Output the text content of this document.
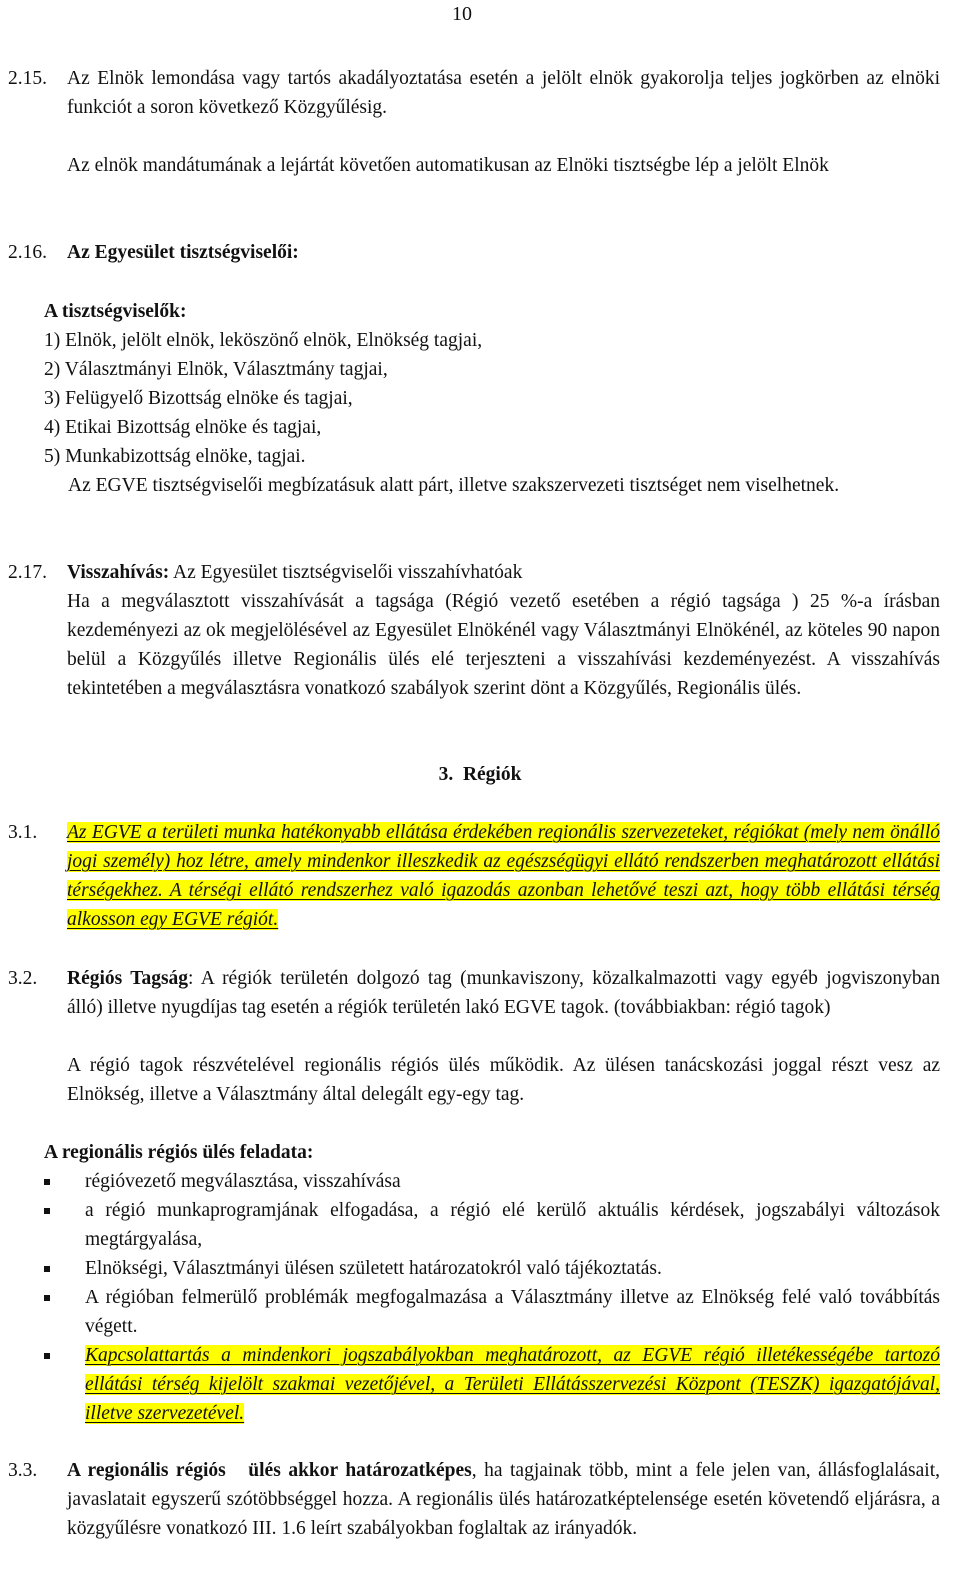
10
2.15. Az Elnök lemondása vagy tartós akadályoztatása esetén a jelölt elnök gyakorolja teljes jogkörben az elnöki funkciót a soron következő Közgyűlésig.
Az elnök mandátumának a lejártát követően automatikusan az Elnöki tisztségbe lép a jelölt Elnök
2.16. Az Egyesület tisztségviselői:
A tisztségviselők:
1) Elnök, jelölt elnök, leköszönő elnök, Elnökség tagjai,
2) Választmányi Elnök, Választmány tagjai,
3) Felügyelő Bizottság elnöke és tagjai,
4) Etikai Bizottság elnöke és tagjai,
5) Munkabizottság elnöke, tagjai.
Az EGVE tisztségviselői megbízatásuk alatt párt, illetve szakszervezeti tisztséget nem viselhetnek.
2.17. Visszahívás: Az Egyesület tisztségviselői visszahívhatóak
Ha a megválasztott visszahívását a tagsága (Régió vezető esetében a régió tagsága ) 25 %-a írásban kezdeményezi az ok megjelölésével az Egyesület Elnökénél vagy Választmányi Elnökénél, az köteles 90 napon belül a Közgyűlés illetve Regionális ülés elé terjeszteni a visszahívási kezdeményezést. A visszahívás tekintetében a megválasztásra vonatkozó szabályok szerint dönt a Közgyűlés, Regionális ülés.
3. Régiók
3.1. Az EGVE a területi munka hatékonyabb ellátása érdekében regionális szervezeteket, régiókat (mely nem önálló jogi személy) hoz létre, amely mindenkor illeszkedik az egészségügyi ellátó rendszerben meghatározott ellátási térségekhez. A térségi ellátó rendszerhez való igazodás azonban lehetővé teszi azt, hogy több ellátási térség alkosson egy EGVE régiót.
3.2. Régiós Tagság: A régiók területén dolgozó tag (munkaviszony, közalkalmazotti vagy egyéb jogviszonyban álló) illetve nyugdíjas tag esetén a régiók területén lakó EGVE tagok. (továbbiakban: régió tagok)
A régió tagok részvételével regionális régiós ülés működik. Az ülésen tanácskozási joggal részt vesz az Elnökség, illetve a Választmány által delegált egy-egy tag.
A regionális régiós ülés feladata:
régióvezető megválasztása, visszahívása
a régió munkaprogramjának elfogadása, a régió elé kerülő aktuális kérdések, jogszabályi változások megtárgyalása,
Elnökségi, Választmányi ülésen született határozatokról való tájékoztatás.
A régióban felmerülő problémák megfogalmazása a Választmány illetve az Elnökség felé való továbbítás végett.
Kapcsolattartás a mindenkori jogszabályokban meghatározott, az EGVE régió illetékességébe tartozó ellátási térség kijelölt szakmai vezetőjével, a Területi Ellátásszervezési Központ (TESZK) igazgatójával, illetve szervezetével.
3.3. A regionális régiós ülés akkor határozatképes, ha tagjainak több, mint a fele jelen van, állásfoglalásait, javaslatait egyszerű szótöbbséggel hozza. A regionális ülés határozatképtelensége esetén követendő eljárásra, a közgyűlésre vonatkozó III. 1.6 leírt szabályokban foglaltak az irányadók.
